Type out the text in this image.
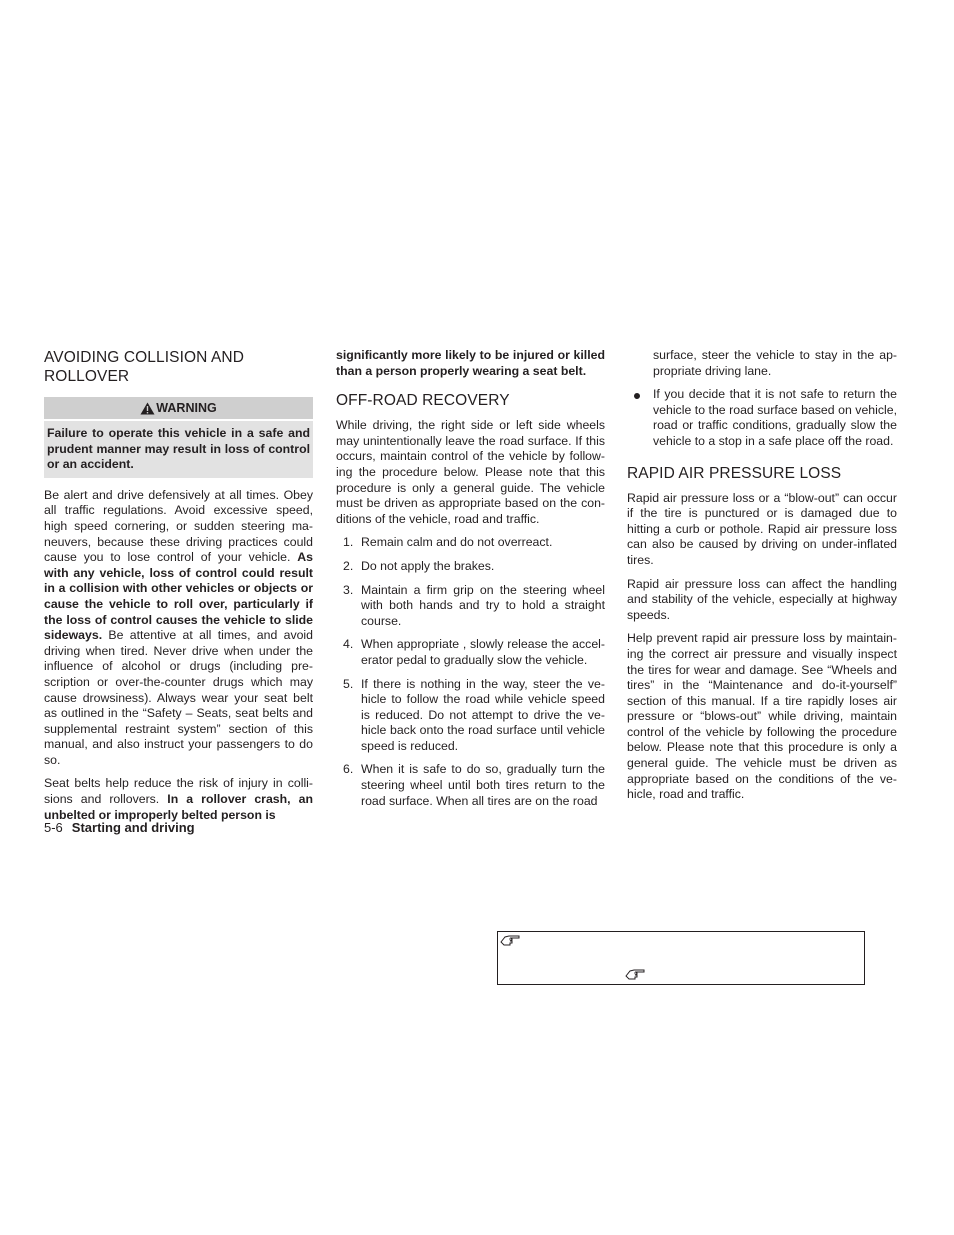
AVOIDING COLLISION AND ROLLOVER
WARNING
Failure to operate this vehicle in a safe and prudent manner may result in loss of control or an accident.

Be alert and drive defensively at all times. Obey all traffic regulations. Avoid excessive speed, high speed cornering, or sudden steering ma-neuvers, because these driving practices could cause you to lose control of your vehicle. As with any vehicle, loss of control could result in a collision with other vehicles or objects or cause the vehicle to roll over, particularly if the loss of control causes the vehicle to slide sideways. Be attentive at all times, and avoid driving when tired. Never drive when under the influence of alcohol or drugs (including pre-scription or over-the-counter drugs which may cause drowsiness). Always wear your seat belt as outlined in the “Safety – Seats, seat belts and supplemental restraint system” section of this manual, and also instruct your passengers to do so.

Seat belts help reduce the risk of injury in colli-sions and rollovers. In a rollover crash, an unbelted or improperly belted person is

significantly more likely to be injured or killed than a person properly wearing a seat belt.

OFF-ROAD RECOVERY

While driving, the right side or left side wheels may unintentionally leave the road surface. If this occurs, maintain control of the vehicle by follow-ing the procedure below. Please note that this procedure is only a general guide. The vehicle must be driven as appropriate based on the con-ditions of the vehicle, road and traffic.

1. Remain calm and do not overreact.
2. Do not apply the brakes.
3. Maintain a firm grip on the steering wheel with both hands and try to hold a straight course.
4. When appropriate , slowly release the accel-erator pedal to gradually slow the vehicle.
5. If there is nothing in the way, steer the ve-hicle to follow the road while vehicle speed is reduced. Do not attempt to drive the ve-hicle back onto the road surface until vehicle speed is reduced.
6. When it is safe to do so, gradually turn the steering wheel until both tires return to the road surface. When all tires are on the road

surface, steer the vehicle to stay in the ap-propriate driving lane.

If you decide that it is not safe to return the vehicle to the road surface based on vehicle, road or traffic conditions, gradually slow the vehicle to a stop in a safe place off the road.
RAPID AIR PRESSURE LOSS

Rapid air pressure loss or a “blow-out” can occur if the tire is punctured or is damaged due to hitting a curb or pothole. Rapid air pressure loss can also be caused by driving on under-inflated tires.

Rapid air pressure loss can affect the handling and stability of the vehicle, especially at highway speeds.

Help prevent rapid air pressure loss by maintain-ing the correct air pressure and visually inspect the tires for wear and damage. See “Wheels and tires” in the “Maintenance and do-it-yourself” section of this manual. If a tire rapidly loses air pressure or “blows-out” while driving, maintain control of the vehicle by following the procedure below. Please note that this procedure is only a general guide. The vehicle must be driven as appropriate based on the conditions of the ve-hicle, road and traffic.

5-6 Starting and driving
